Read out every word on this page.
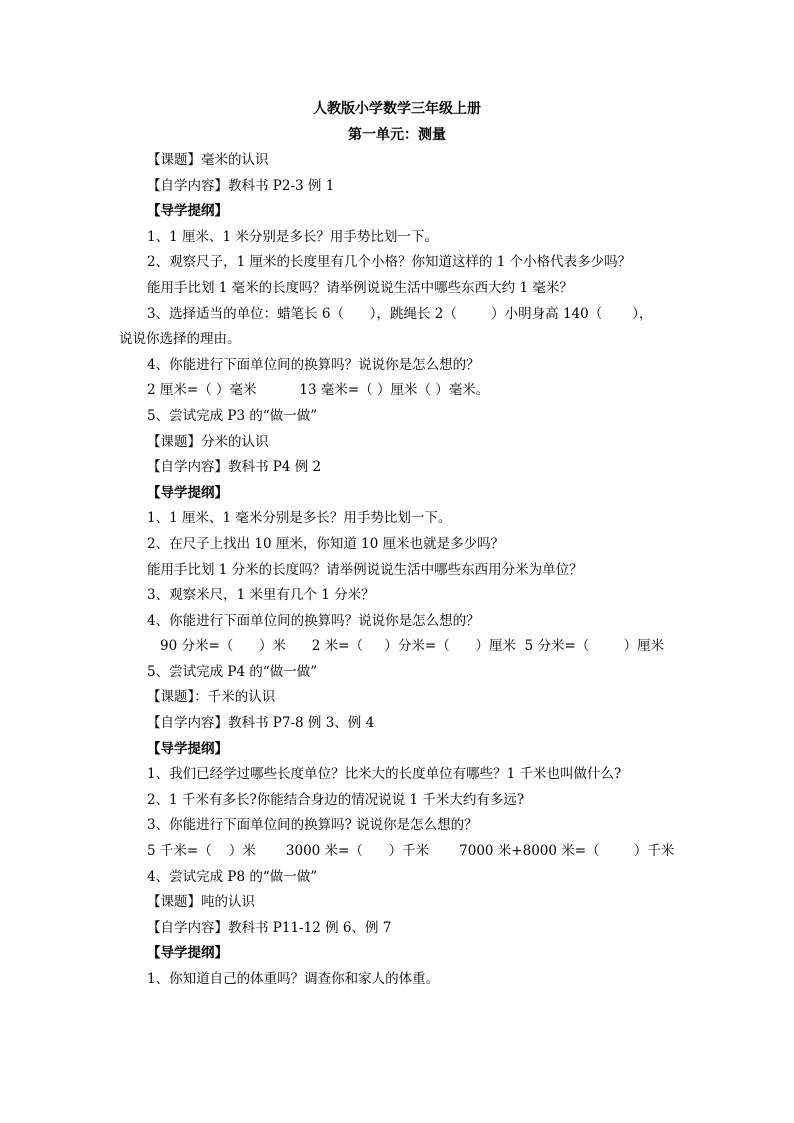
人教版小学数学三年级上册
第一单元：测量
【课题】毫米的认识
【自学内容】教科书 P2-3 例 1
【导学提纲】
1、1 厘米、1 米分别是多长？用手势比划一下。
2、观察尺子，1 厘米的长度里有几个小格？你知道这样的 1 个小格代表多少吗？
能用手比划 1 毫米的长度吗？请举例说说生活中哪些东西大约 1 毫米？
3、选择适当的单位：蜡笔长 6（      ），跳绳长 2（        ）小明身高 140（       ），
说说你选择的理由。
4、你能进行下面单位间的换算吗？说说你是怎么想的？
2 厘米=（ ）毫米          13 毫米=（ ）厘米（ ）毫米。
5、尝试完成 P3 的“做一做”
【课题】分米的认识
【自学内容】教科书 P4 例 2
【导学提纲】
1、1 厘米、1 毫米分别是多长？用手势比划一下。
2、在尺子上找出 10 厘米，你知道 10 厘米也就是多少吗？
能用手比划 1 分米的长度吗？请举例说说生活中哪些东西用分米为单位？
3、观察米尺，1 米里有几个 1 分米？
4、你能进行下面单位间的换算吗？说说你是怎么想的？
90 分米=（      ）米      2 米=（     ）分米=（      ）厘米  5 分米=（        ）厘米
5、尝试完成 P4 的“做一做”
【课题】：千米的认识
【自学内容】教科书 P7-8 例 3、例 4
【导学提纲】
1、我们已经学过哪些长度单位？比米大的长度单位有哪些？1 千米也叫做什么?
2、1 千米有多长?你能结合身边的情况说说 1 千米大约有多远?
3、你能进行下面单位间的换算吗? 说说你是怎么想的？
5 千米=（    ）米       3000 米=（      ）千米       7000 米+8000 米=（        ）千米
4、尝试完成 P8 的“做一做”
【课题】吨的认识
【自学内容】教科书 P11-12 例 6、例 7
【导学提纲】
1、你知道自己的体重吗？调查你和家人的体重。
